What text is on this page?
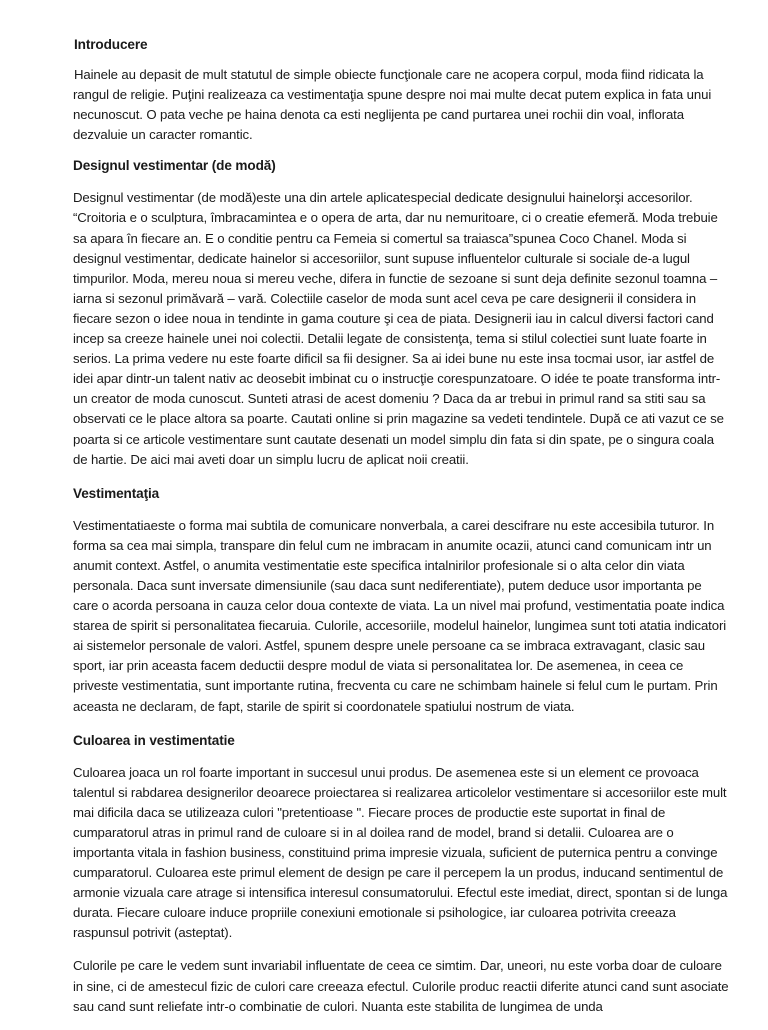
Introducere

Hainele au depasit de mult statutul de simple obiecte funcţionale care ne acopera corpul, moda fiind ridicata la rangul de religie. Puţini realizeaza ca vestimentaţia spune despre noi mai multe decat putem explica in fata unui necunoscut. O pata veche pe haina denota ca esti neglijenta pe cand purtarea unei rochii din voal, inflorata dezvaluie un caracter romantic.

Designul vestimentar (de modă)

Designul vestimentar (de modă)este una din artele aplicatespecial dedicate designului hainelorşi accesorilor. “Croitoria e o sculptura, îmbracamintea e o opera de arta, dar nu nemuritoare, ci o creatie efemeră. Moda trebuie sa apara în fiecare an. E o conditie pentru ca Femeia si comertul sa traiasca”spunea Coco Chanel. Moda si designul vestimentar, dedicate hainelor si accesoriilor, sunt supuse influentelor culturale si sociale de-a lugul timpurilor. Moda, mereu noua si mereu veche, difera in functie de sezoane si sunt deja definite sezonul toamna – iarna si sezonul primăvară – vară. Colectiile caselor de moda sunt acel ceva pe care designerii il considera in fiecare sezon o idee noua in tendinte in gama couture şi cea de piata. Designerii iau in calcul diversi factori cand incep sa creeze hainele unei noi colectii. Detalii legate de consistenţa, tema si stilul colectiei sunt luate foarte in serios. La prima vedere nu este foarte dificil sa fii designer. Sa ai idei bune nu este insa tocmai usor, iar astfel de idei apar dintr-un talent nativ ac deosebit imbinat cu o instrucţie corespunzatoare. O idée te poate transforma intr-un creator de moda cunoscut. Sunteti atrasi de acest domeniu ? Daca da ar trebui in primul rand sa stiti sau sa observati ce le place altora sa poarte. Cautati online si prin magazine sa vedeti tendintele. După ce ati vazut ce se poarta si ce articole vestimentare sunt cautate desenati un model simplu din fata si din spate, pe o singura coala de hartie. De aici mai aveti doar un simplu lucru de aplicat noii creatii.

Vestimentaţia

Vestimentatiaeste o forma mai subtila de comunicare nonverbala, a carei descifrare nu este accesibila tuturor. In forma sa cea mai simpla, transpare din felul cum ne imbracam in anumite ocazii, atunci cand comunicam intr un anumit context. Astfel, o anumita vestimentatie este specifica intalnirilor profesionale si o alta celor din viata personala. Daca sunt inversate dimensiunile (sau daca sunt nediferentiate), putem deduce usor importanta pe care o acorda persoana in cauza celor doua contexte de viata. La un nivel mai profund, vestimentatia poate indica starea de spirit si personalitatea fiecaruia. Culorile, accesoriile, modelul hainelor, lungimea sunt toti atatia indicatori ai sistemelor personale de valori. Astfel, spunem despre unele persoane ca se imbraca extravagant, clasic sau sport, iar prin aceasta facem deductii despre modul de viata si personalitatea lor. De asemenea, in ceea ce priveste vestimentatia, sunt importante rutina, frecventa cu care ne schimbam hainele si felul cum le purtam. Prin aceasta ne declaram, de fapt, starile de spirit si coordonatele spatiului nostrum de viata.

Culoarea in vestimentatie

Culoarea joaca un rol foarte important in succesul unui produs. De asemenea este si un element ce provoaca talentul si rabdarea designerilor deoarece proiectarea si realizarea articolelor vestimentare si accesoriilor este mult mai dificila daca se utilizeaza culori "pretentioase ". Fiecare proces de productie este suportat in final de cumparatorul atras in primul rand de culoare si in al doilea rand de model, brand si detalii. Culoarea are o importanta vitala in fashion business, constituind prima impresie vizuala, suficient de puternica pentru a convinge cumparatorul. Culoarea este primul element de design pe care il percepem la un produs, inducand sentimentul de armonie vizuala care atrage si intensifica interesul consumatorului. Efectul este imediat, direct, spontan si de lunga durata. Fiecare culoare induce propriile conexiuni emotionale si psihologice, iar culoarea potrivita creeaza raspunsul potrivit (asteptat).

Culorile pe care le vedem sunt invariabil influentate de ceea ce simtim. Dar, uneori, nu este vorba doar de culoare in sine, ci de amestecul fizic de culori care creeaza efectul. Culorile produc reactii diferite atunci cand sunt asociate sau cand sunt reliefate intr-o combinatie de culori. Nuanta este stabilita de lungimea de unda
